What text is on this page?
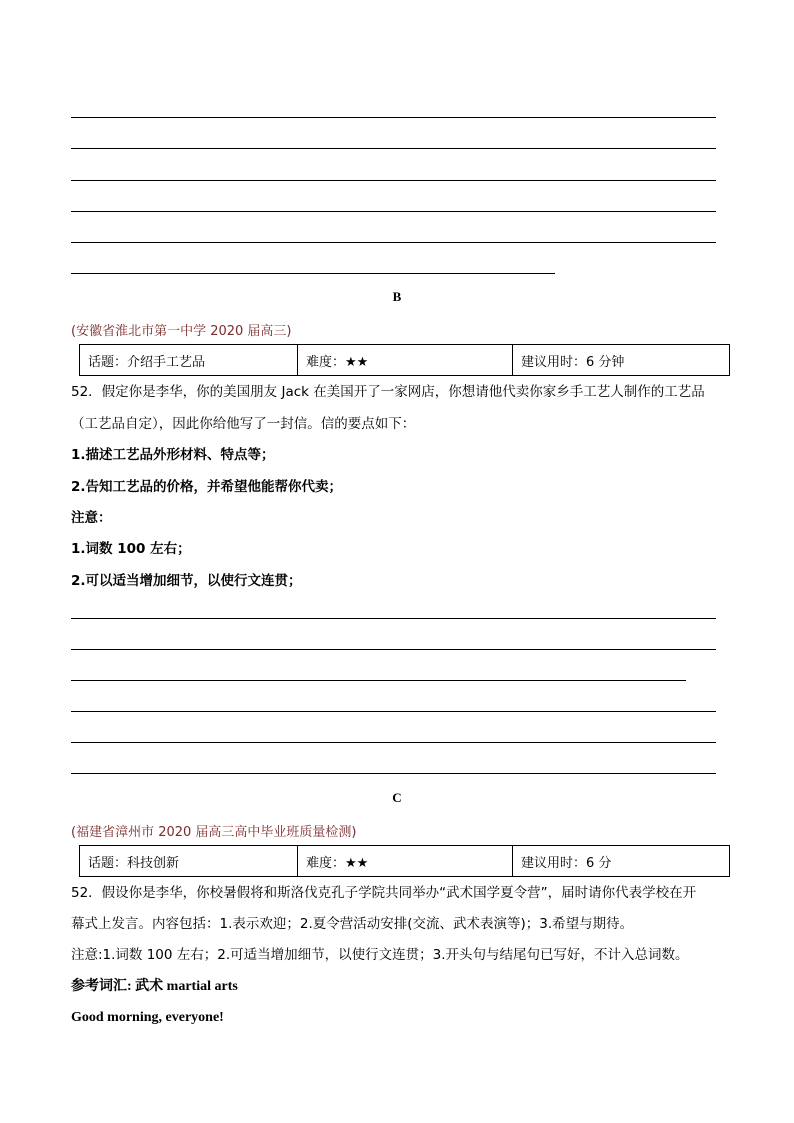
B
(安徽省淮北市第一中学 2020 届高三)
话题：介绍手工艺品	难度：★★	建议用时：6 分钟
52．假定你是李华，你的美国朋友 Jack 在美国开了一家网店，你想请他代卖你家乡手工艺人制作的工艺品
（工艺品自定），因此你给他写了一封信。信的要点如下：
1.描述工艺品外形材料、特点等；
2.告知工艺品的价格，并希望他能帮你代卖；
注意：
1.词数 100 左右；
2.可以适当增加细节，以使行文连贯；
C
(福建省漳州市 2020 届高三高中毕业班质量检测)
话题：科技创新	难度：★★	建议用时：6 分
52．假设你是李华，你校暑假将和斯洛伐克孔子学院共同举办“武术国学夏令营”，届时请你代表学校在开
幕式上发言。内容包括：1.表示欢迎；2.夏令营活动安排(交流、武术表演等)；3.希望与期待。
注意:1.词数 100 左右；2.可适当增加细节，以使行文连贯；3.开头句与结尾句已写好，不计入总词数。
参考词汇: 武术 martial arts
Good morning, everyone!
